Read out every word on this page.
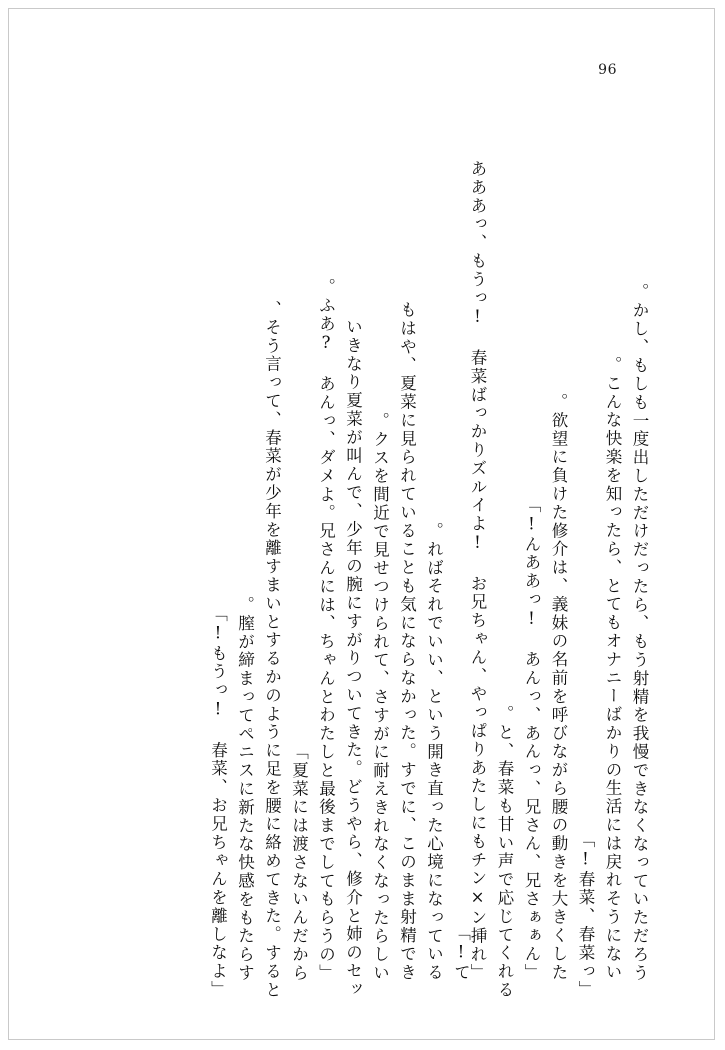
96
かし、もしも一度出しただけだったら、もう射精を我慢できなくなっていただろう。
こんな快楽を知ったら、とてもオナニーばかりの生活には戻れそうにない。
「春菜、春菜っ!」
欲望に負けた修介は、義妹の名前を呼びながら腰の動きを大きくした。
「んああっ! あんっ、あんっ、兄さん、兄さぁぁん!」
と、春菜も甘い声で応じてくれる。
「あああっ、もうっ! 春菜ばっかりズルイよ! お兄ちゃん、やっぱりあたしにもチン×ン挿れて!」
ればそれでいい、という開き直った心境になっている。
もはや、夏菜に見られていることも気にならなかった。すでに、このまま射精でき
クスを間近で見せつけられて、さすがに耐えきれなくなったらしい。
いきなり夏菜が叫んで、少年の腕にすがりついてきた。どうやら、修介と姉のセッ
「ふあ? あんっ、ダメよ。兄さんには、ちゃんとわたしと最後までしてもらうの。
夏菜には渡さないんだから」
そう言って、春菜が少年を離すまいとするかのように足を腰に絡めてきた。すると、
膣が締まってペニスに新たな快感をもたらす。
「もうっ! 春菜、お兄ちゃんを離しなよ!」
